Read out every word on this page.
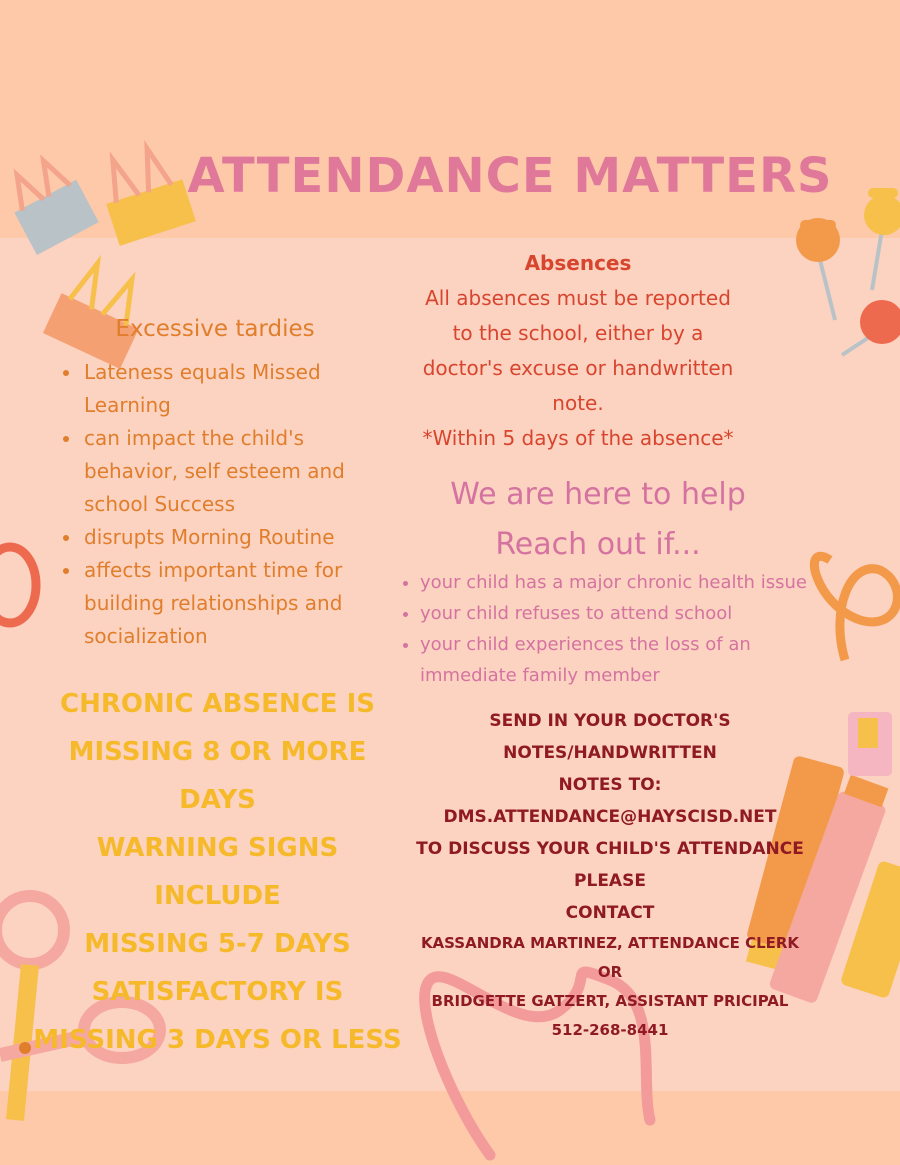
ATTENDANCE MATTERS
Excessive tardies
• Lateness equals Missed Learning
• can impact the child's behavior, self esteem and school Success
• disrupts Morning Routine
• affects important time for building relationships and socialization
CHRONIC ABSENCE IS
MISSING 8 OR MORE DAYS
WARNING SIGNS INCLUDE
MISSING 5-7 DAYS
SATISFACTORY IS
MISSING 3 DAYS OR LESS
Absences
All absences must be reported
to the school, either by a
doctor's excuse or handwritten
note.
*Within 5 days of the absence*
We are here to help
Reach out if...
• your child has a major chronic health issue
• your child refuses to attend school
• your child experiences the loss of an immediate family member
SEND IN YOUR DOCTOR'S NOTES/HANDWRITTEN
NOTES TO:
DMS.ATTENDANCE@HAYSCISD.NET
TO DISCUSS YOUR CHILD'S ATTENDANCE PLEASE
CONTACT
KASSANDRA MARTINEZ, ATTENDANCE CLERK
OR
BRIDGETTE GATZERT, ASSISTANT PRICIPAL
512-268-8441
